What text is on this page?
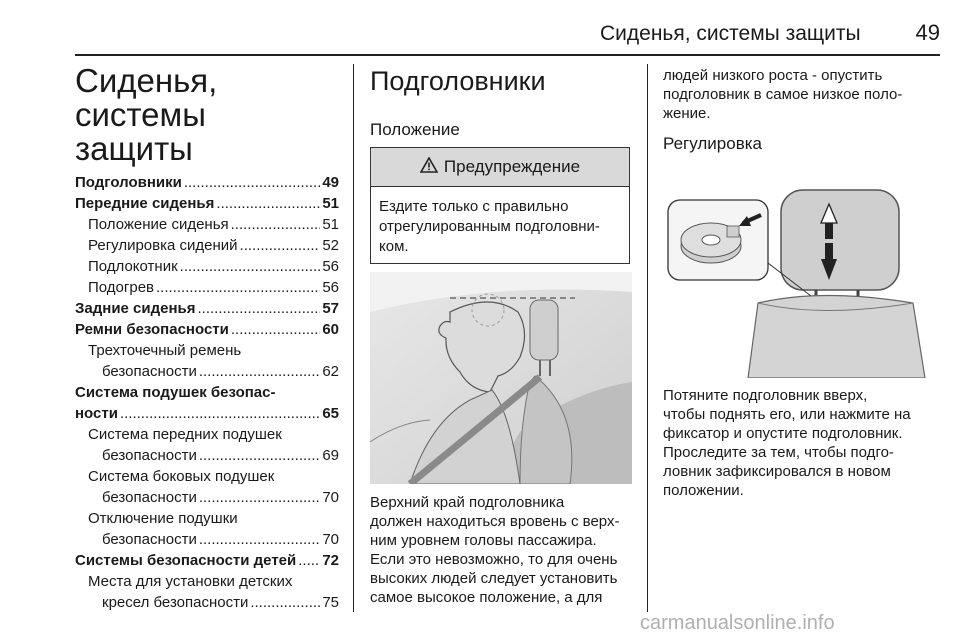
Сиденья, системы защиты	49
Сиденья, системы
защиты
Подголовники .....	49
Передние сиденья .....	51
Положение сиденья .....	51
Регулировка сидений .....	52
Подлокотник .....	56
Подогрев .....	56
Задние сиденья .....	57
Ремни безопасности .....	60
Трехточечный ремень
безопасности .....	62
Система подушек безопас-
ности .....	65
Система передних подушек
безопасности .....	69
Система боковых подушек
безопасности .....	70
Отключение подушки
безопасности .....	70
Системы безопасности детей ..... 72
Места для установки детских
кресел безопасности .....	75
Подголовники
Положение
Предупреждение
Ездите только с правильно
отрегулированным подголовни-
ком.
Верхний край подголовника
должен находиться вровень с верх-
ним уровнем головы пассажира.
Если это невозможно, то для очень
высоких людей следует установить
самое высокое положение, а для
людей низкого роста - опустить
подголовник в самое низкое поло-
жение.
Регулировка
Потяните подголовник вверх,
чтобы поднять его, или нажмите на
фиксатор и опустите подголовник.
Проследите за тем, чтобы подго-
ловник зафиксировался в новом
положении.
carmanualsonline.info
